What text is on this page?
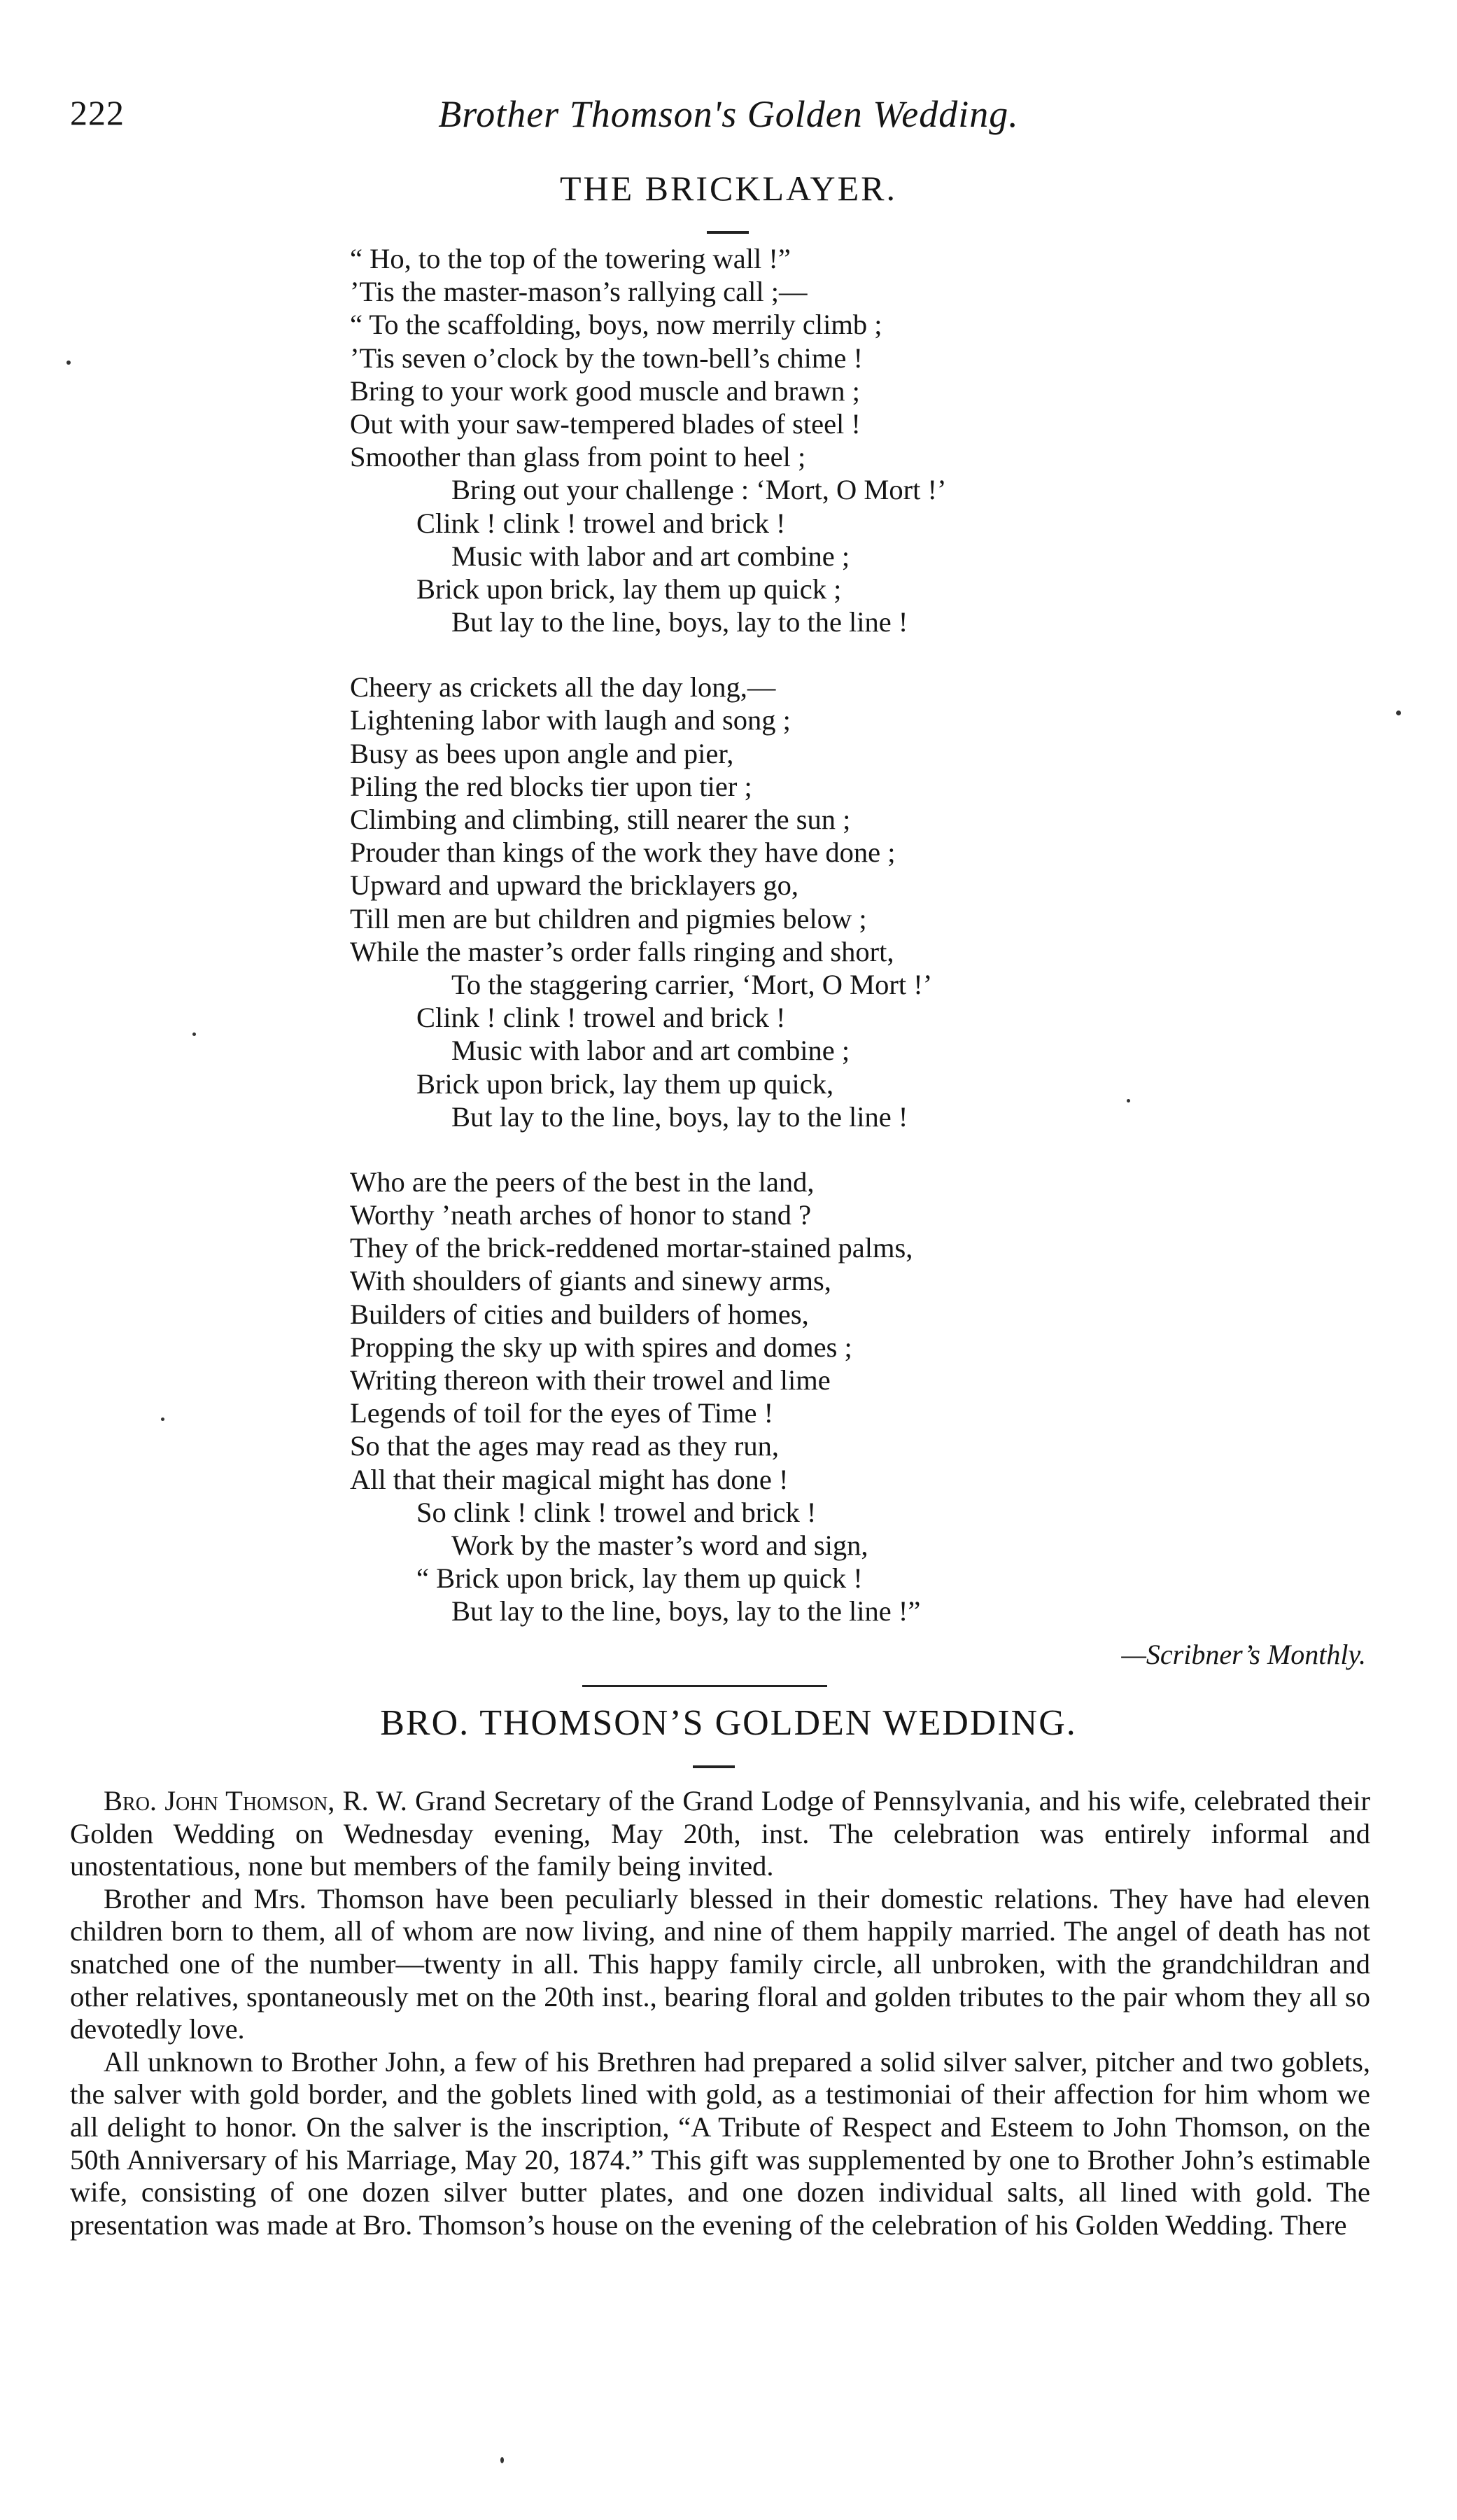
222	Brother Thomson's Golden Wedding.
THE BRICKLAYER.
“ Ho, to the top of the towering wall !”
’Tis the master-mason’s rallying call ;—
“ To the scaffolding, boys, now merrily climb ;
’Tis seven o’clock by the town-bell’s chime !
Bring to your work good muscle and brawn ;
Out with your saw-tempered blades of steel !
Smoother than glass from point to heel ;
Bring out your challenge : ‘Mort, O Mort !’
Clink ! clink ! trowel and brick !
Music with labor and art combine ;
Brick upon brick, lay them up quick ;
But lay to the line, boys, lay to the line !
Cheery as crickets all the day long,—
Lightening labor with laugh and song ;
Busy as bees upon angle and pier,
Piling the red blocks tier upon tier ;
Climbing and climbing, still nearer the sun ;
Prouder than kings of the work they have done ;
Upward and upward the bricklayers go,
Till men are but children and pigmies below ;
While the master’s order falls ringing and short,
To the staggering carrier, ‘Mort, O Mort !’
Clink ! clink ! trowel and brick !
Music with labor and art combine ;
Brick upon brick, lay them up quick,
But lay to the line, boys, lay to the line !
Who are the peers of the best in the land,
Worthy ’neath arches of honor to stand ?
They of the brick-reddened mortar-stained palms,
With shoulders of giants and sinewy arms,
Builders of cities and builders of homes,
Propping the sky up with spires and domes ;
Writing thereon with their trowel and lime
Legends of toil for the eyes of Time !
So that the ages may read as they run,
All that their magical might has done !
So clink ! clink ! trowel and brick !
Work by the master’s word and sign,
“ Brick upon brick, lay them up quick !
But lay to the line, boys, lay to the line !”
—Scribner’s Monthly.
BRO. THOMSON’S GOLDEN WEDDING.

Bro. John Thomson, R. W. Grand Secretary of the Grand Lodge of Pennsylvania, and his wife, celebrated their Golden Wedding on Wednesday evening, May 20th, inst. The celebration was entirely informal and unostentatious, none but members of the family being invited.

Brother and Mrs. Thomson have been peculiarly blessed in their domestic relations. They have had eleven children born to them, all of whom are now living, and nine of them happily married. The angel of death has not snatched one of the number—twenty in all. This happy family circle, all unbroken, with the grandchildran and other relatives, spontaneously met on the 20th inst., bearing floral and golden tributes to the pair whom they all so devotedly love.

All unknown to Brother John, a few of his Brethren had prepared a solid silver salver, pitcher and two goblets, the salver with gold border, and the goblets lined with gold, as a testimoniai of their affection for him whom we all delight to honor. On the salver is the inscription, “A Tribute of Respect and Esteem to John Thomson, on the 50th Anniversary of his Marriage, May 20, 1874.” This gift was supplemented by one to Brother John’s estimable wife, consisting of one dozen silver butter plates, and one dozen individual salts, all lined with gold. The presentation was made at Bro. Thomson’s house on the evening of the celebration of his Golden Wedding. There
